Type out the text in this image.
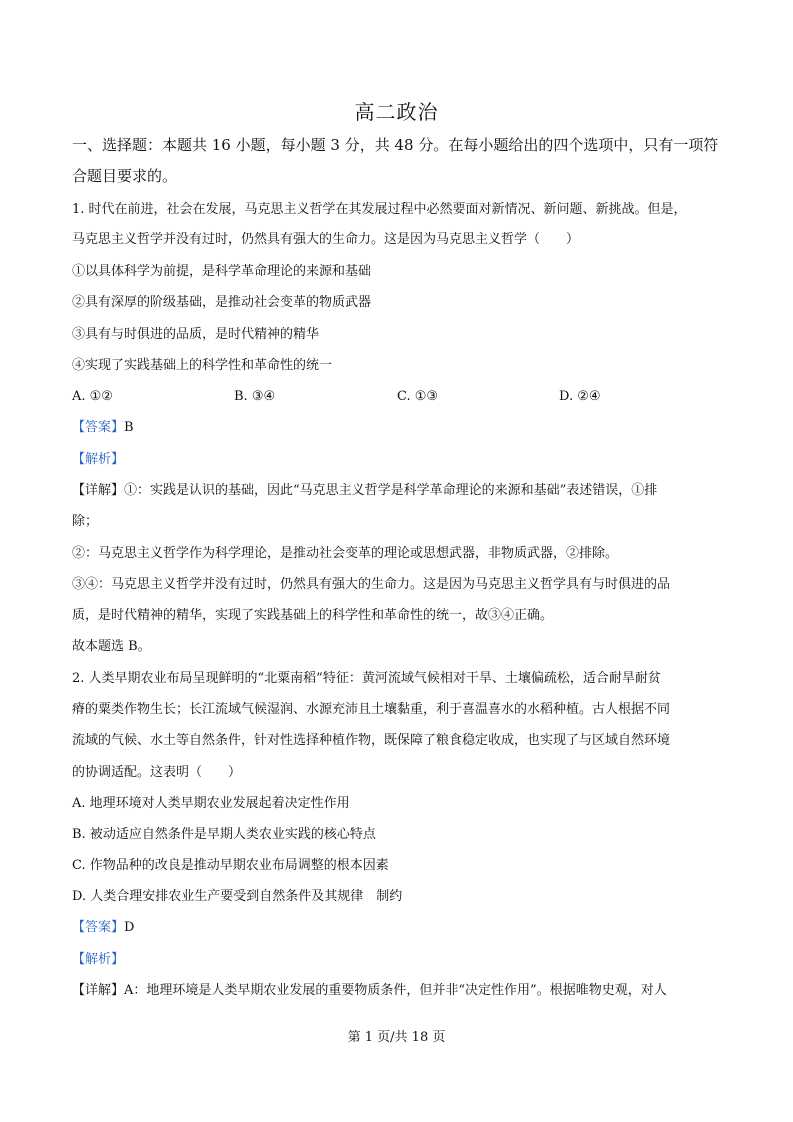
高二政治
一、选择题：本题共 16 小题，每小题 3 分，共 48 分。在每小题给出的四个选项中，只有一项符合题目要求的。
1. 时代在前进，社会在发展，马克思主义哲学在其发展过程中必然要面对新情况、新问题、新挑战。但是，
马克思主义哲学并没有过时，仍然具有强大的生命力。这是因为马克思主义哲学（　　）
①以具体科学为前提，是科学革命理论的来源和基础
②具有深厚的阶级基础，是推动社会变革的物质武器
③具有与时俱进的品质，是时代精神的精华
④实现了实践基础上的科学性和革命性的统一
A. ①②	B. ③④	C. ①③	D. ②④
【答案】B
【解析】
【详解】①：实践是认识的基础，因此“马克思主义哲学是科学革命理论的来源和基础”表述错误，①排
除；
②：马克思主义哲学作为科学理论，是推动社会变革的理论或思想武器，非物质武器，②排除。
③④：马克思主义哲学并没有过时，仍然具有强大的生命力。这是因为马克思主义哲学具有与时俱进的品
质，是时代精神的精华，实现了实践基础上的科学性和革命性的统一，故③④正确。
故本题选 B。
2. 人类早期农业布局呈现鲜明的“北粟南稻”特征：黄河流域气候相对干旱、土壤偏疏松，适合耐旱耐贫
瘠的粟类作物生长；长江流域气候湿润、水源充沛且土壤黏重，利于喜温喜水的水稻种植。古人根据不同
流域的气候、水土等自然条件，针对性选择种植作物，既保障了粮食稳定收成，也实现了与区域自然环境
的协调适配。这表明（　　）
A. 地理环境对人类早期农业发展起着决定性作用
B. 被动适应自然条件是早期人类农业实践的核心特点
C. 作物品种的改良是推动早期农业布局调整的根本因素
D. 人类合理安排农业生产要受到自然条件及其规律　制约
【答案】D
【解析】
【详解】A：地理环境是人类早期农业发展的重要物质条件，但并非“决定性作用”。根据唯物史观，对人
第 1 页/共 18 页
